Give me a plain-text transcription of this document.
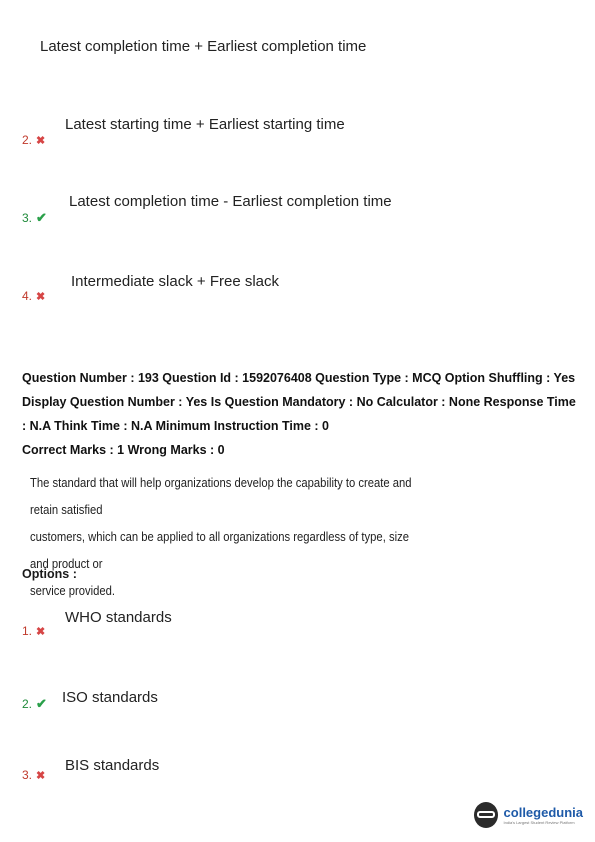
Latest completion time + Earliest completion time
2. ✖
Latest starting time + Earliest starting time
3. ✔
Latest completion time - Earliest completion time
4. ✖
Intermediate slack + Free slack
Question Number : 193 Question Id : 1592076408 Question Type : MCQ Option Shuffling : Yes
Display Question Number : Yes Is Question Mandatory : No Calculator : None Response Time
: N.A Think Time : N.A Minimum Instruction Time : 0
Correct Marks : 1 Wrong Marks : 0
The standard that will help organizations develop the capability to create and retain satisfied
customers, which can be applied to all organizations regardless of type, size and product or
service provided.
Options :
1. ✖
WHO standards
2. ✔ ISO standards
3. ✖
BIS standards
collegedunia
India's Largest Student Review Platform
